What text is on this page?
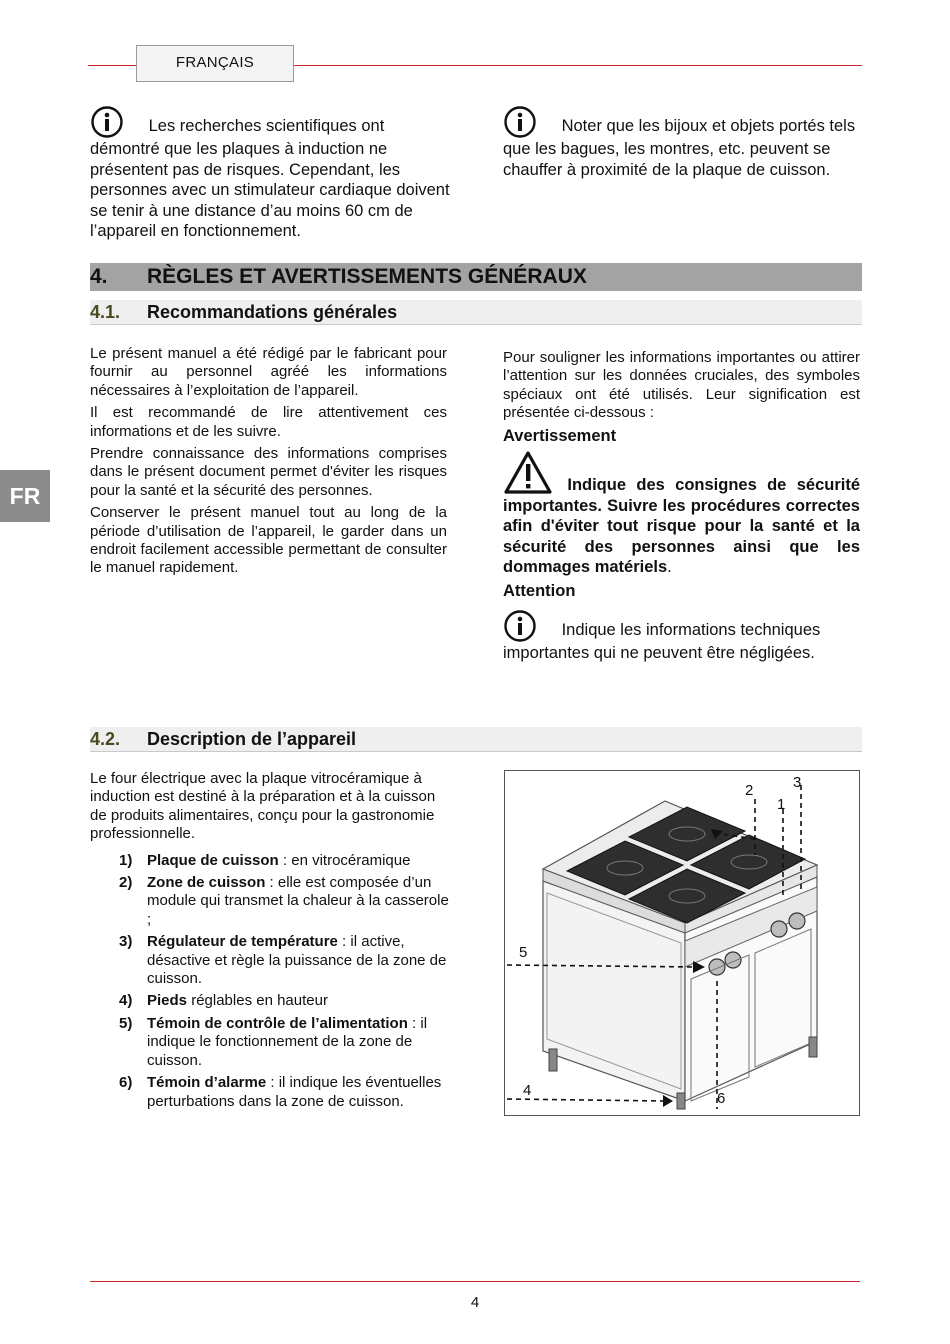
FRANÇAIS
FR
Les recherches scientifiques ont démontré que les plaques à induction ne présentent pas de risques. Cependant, les personnes avec un stimulateur cardiaque doivent se tenir à une distance d’au moins 60 cm de l’appareil en fonctionnement.
Noter que les bijoux et objets portés tels que les bagues, les montres, etc. peuvent se chauffer à proximité de la plaque de cuisson.
4. RÈGLES ET AVERTISSEMENTS GÉNÉRAUX
4.1. Recommandations générales

Le présent manuel a été rédigé par le fabricant pour fournir au personnel agréé les informations nécessaires à l’exploitation de l’appareil.

Il est recommandé de lire attentivement ces informations et de les suivre.

Prendre connaissance des informations comprises dans le présent document permet d'éviter les risques pour la santé et la sécurité des personnes.

Conserver le présent manuel tout au long de la période d’utilisation de l’appareil, le garder dans un endroit facilement accessible permettant de consulter le manuel rapidement.

Pour souligner les informations importantes ou attirer l’attention sur les données cruciales, des symboles spéciaux ont été utilisés. Leur signification est présentée ci-dessous :
Avertissement
Indique des consignes de sécurité importantes. Suivre les procédures correctes afin d'éviter tout risque pour la santé et la sécurité des personnes ainsi que les dommages matériels.
Attention
Indique les informations techniques importantes qui ne peuvent être négligées.
4.2. Description de l’appareil
Le four électrique avec la plaque vitrocéramique à induction est destiné à la préparation et à la cuisson de produits alimentaires, conçu pour la gastronomie professionnelle.
1) Plaque de cuisson : en vitrocéramique
2) Zone de cuisson : elle est composée d’un module qui transmet la chaleur à la casserole ;
3) Régulateur de température : il active, désactive et règle la puissance de la zone de cuisson.
4) Pieds réglables en hauteur
5) Témoin de contrôle de l’alimentation : il indique le fonctionnement de la zone de cuisson.
6) Témoin d’alarme : il indique les éventuelles perturbations dans la zone de cuisson.
1
2	3
4
5
6
4
